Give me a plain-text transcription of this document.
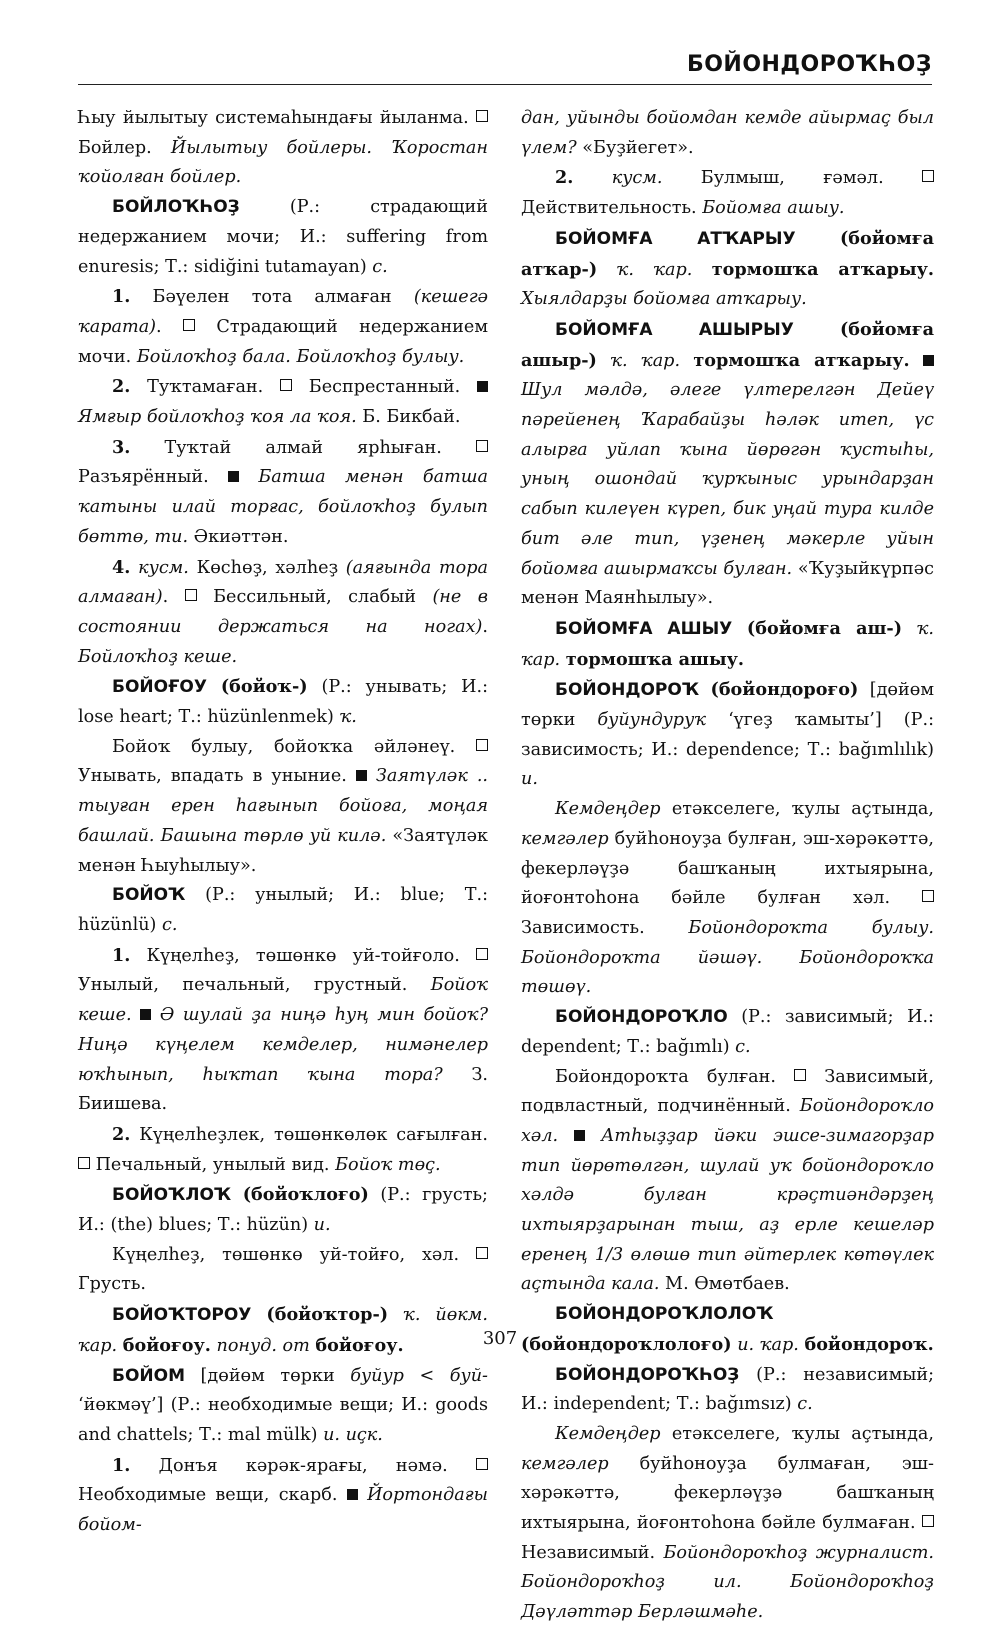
БОЙОНДОРОҠҺОҘ

Һыу йылытыу системаһындағы йыланма.  Бойлер. Йылытыу бойлеры. Ҡоростан ҡойолған бойлер.

БОЙЛОҠҺОҘ (Р.: страдающий недержанием мочи; И.: suffering from enuresis; Т.: sidiğini tutamayan) с.

1. Бәүелен тота алмаған (кешегә ҡарата).  Страдающий недержанием мочи. Бойлоҡһоҙ бала. Бойлоҡһоҙ булыу.

2. Туҡтамаған.  Беспрестанный.  Ямғыр бойлоҡһоҙ ҡоя ла ҡоя. Б. Бикбай.

3. Туҡтай алмай ярһыған.  Разъярённый.  Батша менән батша ҡатыны илай торғас, бойлоҡһоҙ булып бөттө, ти. Әкиәттән.

4. кусм. Көсһөҙ, хәлһеҙ (аяғында тора алмаған).  Бессильный, слабый (не в состоянии держаться на ногах). Бойлоҡһоҙ кеше.

БОЙОҒОУ (бойоҡ-) (Р.: унывать; И.: lose heart; Т.: hüzünlenmek) ҡ.

Бойоҡ булыу, бойоҡҡа әйләнеү.  Унывать, впадать в уныние.  Заятүләк .. тыуған ерен һағынып бойоға, моңая башлай. Башына төрлө уй килә. «Заятүләк менән Һыуһылыу».

БОЙОҠ (Р.: унылый; И.: blue; Т.: hüzünlü) с.

1. Күңелһеҙ, төшөнкө уй-тойғоло.  Унылый, печальный, грустный. Бойоҡ кеше. Ә шулай ҙа ниңә һуң мин бойоҡ? Ниңә күңелем кемделер, нимәнелер юҡһынып, һыҡтап ҡына тора? З. Биишева.

2. Күңелһеҙлек, төшөнкөлөк сағылған.  Печальный, унылый вид. Бойоҡ төҫ.

БОЙОҠЛОҠ (бойоҡлоғо) (Р.: грусть; И.: (the) blues; Т.: hüzün) и.

Күңелһеҙ, төшөнкө уй-тойғо, хәл.  Грусть.

БОЙОҠТОРОУ (бойоҡтор-) ҡ. йөкм. ҡар. бойоғоу. понуд. от бойоғоу.

БОЙОМ [дөйөм төрки буйур < буй- ‘йөкмәү’] (Р.: необходимые вещи; И.: goods and chattels; Т.: mal mülk) и. иҫк.

1. Донъя кәрәк-ярағы, нәмә.  Необходимые вещи, скарб.  Йортондағы бойом-

дан, уйынды бойомдан кемде айырмаҫ был үлем? «Буҙйегет».

2. кусм. Булмыш, ғәмәл.  Действительность. Бойомға ашыу.

БОЙОМҒА АТҠАРЫУ	(бойомға атҡар-) ҡ. ҡар. тормошҡа атҡарыу. Хыялдарҙы бойомға атҡарыу.

БОЙОМҒА АШЫРЫУ	(бойомға ашыр-) ҡ. ҡар. тормошҡа атҡарыу.  Шул мәлдә, әлеге үлтерелгән Дейеү пәрейенең Ҡарабайҙы һәләк итеп, үс алырға уйлап ҡына йөрөгән ҡустыһы, уның ошондай ҡурҡыныс урындарҙан сабып килеүен күреп, бик уңай тура килде бит әле тип, үҙенең мәкерле уйын бойомға ашырмаҡсы булған. «Ҡуҙыйкүрпәс менән Маянһылыу».

БОЙОМҒА АШЫУ (бойомға аш-) ҡ. ҡар. тормошҡа ашыу.

БОЙОНДОРОҠ (бойондороғо) [дөйөм төрки буйундуруҡ ‘үгеҙ ҡамыты’] (Р.: зависимость; И.: dependence; Т.: bağımlılık) и.

Кемдеңдер етәкселеге, ҡулы аҫтында, кемгәлер буйһоноуҙа булған, эш-хәрәкәттә, фекерләүҙә башҡаның ихтыярына, йоғонтоһона бәйле булған хәл.  Зависимость. Бойондороҡта булыу. Бойондороҡта йәшәү. Бойондороҡҡа төшөү.

БОЙОНДОРОҠЛО (Р.: зависимый; И.: dependent; Т.: bağımlı) с.

Бойондороҡта булған.  Зависимый, подвластный, подчинённый. Бойондороҡло хәл. Атһыҙҙар йәки эшсе-зимагорҙар тип йөрөтөлгән, шулай уҡ бойондороҡло хәлдә булған крәҫтиәндәрҙең ихтыярҙарынан тыш, аҙ ерле кешеләр еренең 1/3 өлөшө тип әйтерлек көтөүлек аҫтында кала. М. Өмөтбаев.

БОЙОНДОРОҠЛОЛОҠ (бойондороҡлолоғо) и. ҡар. бойондороҡ.

БОЙОНДОРОҠҺОҘ (Р.: независимый; И.: independent; Т.: bağımsız) с.

Кемдеңдер етәкселеге, ҡулы аҫтында, кемгәлер буйһоноуҙа булмаған, эш-хәрәкәттә, фекерләүҙә башҡаның ихтыярына, йоғонтоһона бәйле булмаған.  Независимый. Бойондороҡһоҙ журналист. Бойондороҡһоҙ ил. Бойондороҡһоҙ Дәүләттәр Берләшмәһе.

307
